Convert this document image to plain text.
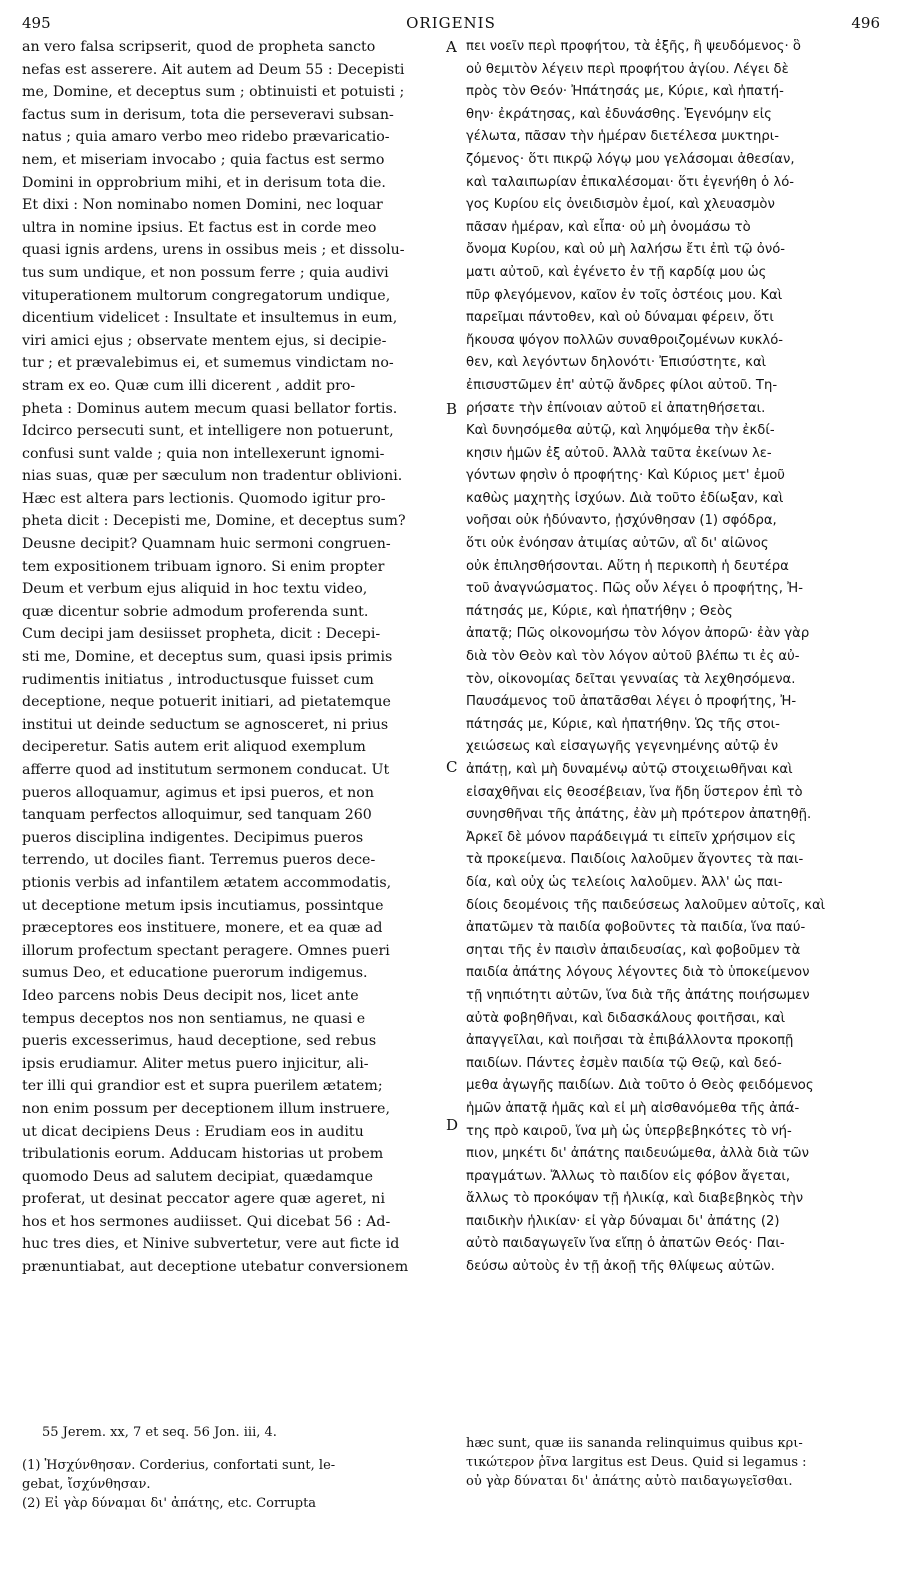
495	ORIGENIS	496
an vero falsa scripserit, quod de propheta sancto
nefas est asserere. Ait autem ad Deum 55 : Decepisti
me, Domine, et deceptus sum ; obtinuisti et potuisti ;
factus sum in derisum, tota die perseveravi subsan-
natus ; quia amaro verbo meo ridebo prævaricatio-
nem, et miseriam invocabo ; quia factus est sermo
Domini in opprobrium mihi, et in derisum tota die.
Et dixi : Non nominabo nomen Domini, nec loquar
ultra in nomine ipsius. Et factus est in corde meo
quasi ignis ardens, urens in ossibus meis ; et dissolu-
tus sum undique, et non possum ferre ; quia audivi
vituperationem multorum congregatorum undique,
dicentium videlicet : Insultate et insultemus in eum,
viri amici ejus ; observate mentem ejus, si decipie-
tur ; et prævalebimus ei, et sumemus vindictam no-
stram ex eo. Quæ cum illi dicerent , addit pro-
pheta : Dominus autem mecum quasi bellator fortis.
Idcirco persecuti sunt, et intelligere non potuerunt,
confusi sunt valde ; quia non intellexerunt ignomi-
nias suas, quæ per sæculum non tradentur oblivioni.
Hæc est altera pars lectionis. Quomodo igitur pro-
pheta dicit : Decepisti me, Domine, et deceptus sum?
Deusne decipit? Quamnam huic sermoni congruen-
tem expositionem tribuam ignoro. Si enim propter
Deum et verbum ejus aliquid in hoc textu video,
quæ dicentur sobrie admodum proferenda sunt.
Cum decipi jam desiisset propheta, dicit : Decepi-
sti me, Domine, et deceptus sum, quasi ipsis primis
rudimentis initiatus , introductusque fuisset cum
deceptione, neque potuerit initiari, ad pietatemque
institui ut deinde seductum se agnosceret, ni prius
deciperetur. Satis autem erit aliquod exemplum
afferre quod ad institutum sermonem conducat. Ut
pueros alloquamur, agimus et ipsi pueros, et non
tanquam perfectos alloquimur, sed tanquam 260
pueros disciplina indigentes. Decipimus pueros
terrendo, ut dociles fiant. Terremus pueros dece-
ptionis verbis ad infantilem ætatem accommodatis,
ut deceptione metum ipsis incutiamus, possintque
præceptores eos instituere, monere, et ea quæ ad
illorum profectum spectant peragere. Omnes pueri
sumus Deo, et educatione puerorum indigemus.
Ideo parcens nobis Deus decipit nos, licet ante
tempus deceptos nos non sentiamus, ne quasi e
pueris excesserimus, haud deceptione, sed rebus
ipsis erudiamur. Aliter metus puero injicitur, ali-
ter illi qui grandior est et supra puerilem ætatem;
non enim possum per deceptionem illum instruere,
ut dicat decipiens Deus : Erudiam eos in auditu
tribulationis eorum. Adducam historias ut probem
quomodo Deus ad salutem decipiat, quædamque
proferat, ut desinat peccator agere quæ ageret, ni
hos et hos sermones audiisset. Qui dicebat 56 : Ad-
huc tres dies, et Ninive subvertetur, vere aut ficte id
prænuntiabat, aut deceptione utebatur conversionem
πει νοεῖν περὶ προφήτου, τὰ ἑξῆς, ἢ ψευδόμενος· ὃ
οὐ θεμιτὸν λέγειν περὶ προφήτου ἁγίου. Λέγει δὲ
πρὸς τὸν Θεόν· Ἠπάτησάς με, Κύριε, καὶ ἠπατή-
θην· ἐκράτησας, καὶ ἐδυνάσθης. Ἐγενόμην εἰς
γέλωτα, πᾶσαν τὴν ἡμέραν διετέλεσα μυκτηρι-
ζόμενος· ὅτι πικρῷ λόγῳ μου γελάσομαι ἀθεσίαν,
καὶ ταλαιπωρίαν ἐπικαλέσομαι· ὅτι ἐγενήθη ὁ λό-
γος Κυρίου εἰς ὀνειδισμὸν ἐμοί, καὶ χλευασμὸν
πᾶσαν ἡμέραν, καὶ εἶπα· οὐ μὴ ὀνομάσω τὸ
ὄνομα Κυρίου, καὶ οὐ μὴ λαλήσω ἔτι ἐπὶ τῷ ὀνό-
ματι αὐτοῦ, καὶ ἐγένετο ἐν τῇ καρδίᾳ μου ὡς
πῦρ φλεγόμενον, καῖον ἐν τοῖς ὀστέοις μου. Καὶ
παρεῖμαι πάντοθεν, καὶ οὐ δύναμαι φέρειν, ὅτι
ἤκουσα ψόγον πολλῶν συναθροιζομένων κυκλό-
θεν, καὶ λεγόντων δηλονότι· Ἐπισύστητε, καὶ
ἐπισυστῶμεν ἐπ' αὐτῷ ἄνδρες φίλοι αὐτοῦ. Τη-
ρήσατε τὴν ἐπίνοιαν αὐτοῦ εἰ ἀπατηθήσεται.
Καὶ δυνησόμεθα αὐτῷ, καὶ ληψόμεθα τὴν ἐκδί-
κησιν ἡμῶν ἐξ αὐτοῦ. Ἀλλὰ ταῦτα ἐκείνων λε-
γόντων φησὶν ὁ προφήτης· Καὶ Κύριος μετ' ἐμοῦ
καθὼς μαχητὴς ἰσχύων. Διὰ τοῦτο ἐδίωξαν, καὶ
νοῆσαι οὐκ ἠδύναντο, ᾐσχύνθησαν (1) σφόδρα,
ὅτι οὐκ ἐνόησαν ἀτιμίας αὐτῶν, αἳ δι' αἰῶνος
οὐκ ἐπιλησθήσονται. Αὕτη ἡ περικοπὴ ἡ δευτέρα
τοῦ ἀναγνώσματος. Πῶς οὖν λέγει ὁ προφήτης, Ἠ-
πάτησάς με, Κύριε, καὶ ἠπατήθην ; Θεὸς
ἀπατᾷ; Πῶς οἰκονομήσω τὸν λόγον ἀπορῶ· ἐὰν γὰρ
διὰ τὸν Θεὸν καὶ τὸν λόγον αὐτοῦ βλέπω τι ἐς αὐ-
τὸν, οἰκονομίας δεῖται γενναίας τὰ λεχθησόμενα.
Παυσάμενος τοῦ ἀπατᾶσθαι λέγει ὁ προφήτης, Ἠ-
πάτησάς με, Κύριε, καὶ ἠπατήθην. Ὡς τῆς στοι-
χειώσεως καὶ εἰσαγωγῆς γεγενημένης αὐτῷ ἐν
ἀπάτῃ, καὶ μὴ δυναμένῳ αὐτῷ στοιχειωθῆναι καὶ
εἰσαχθῆναι εἰς θεοσέβειαν, ἵνα ἤδη ὕστερον ἐπὶ τὸ
συνησθῆναι τῆς ἀπάτης, ἐὰν μὴ πρότερον ἀπατηθῇ.
Ἀρκεῖ δὲ μόνον παράδειγμά τι εἰπεῖν χρήσιμον εἰς
τὰ προκείμενα. Παιδίοις λαλοῦμεν ἄγοντες τὰ παι-
δία, καὶ οὐχ ὡς τελείοις λαλοῦμεν. Ἀλλ' ὡς παι-
δίοις δεομένοις τῆς παιδεύσεως λαλοῦμεν αὐτοῖς, καὶ
ἀπατῶμεν τὰ παιδία φοβοῦντες τὰ παιδία, ἵνα παύ-
σηται τῆς ἐν παισὶν ἀπαιδευσίας, καὶ φοβοῦμεν τὰ
παιδία ἀπάτης λόγους λέγοντες διὰ τὸ ὑποκείμενον
τῇ νηπιότητι αὐτῶν, ἵνα διὰ τῆς ἀπάτης ποιήσωμεν
αὐτὰ φοβηθῆναι, καὶ διδασκάλους φοιτῆσαι, καὶ
ἀπαγγεῖλαι, καὶ ποιῆσαι τὰ ἐπιβάλλοντα προκοπῇ
παιδίων. Πάντες ἐσμὲν παιδία τῷ Θεῷ, καὶ δεό-
μεθα ἀγωγῆς παιδίων. Διὰ τοῦτο ὁ Θεὸς φειδόμενος
ἡμῶν ἀπατᾷ ἡμᾶς καὶ εἰ μὴ αἰσθανόμεθα τῆς ἀπά-
της πρὸ καιροῦ, ἵνα μὴ ὡς ὑπερβεβηκότες τὸ νή-
πιον, μηκέτι δι' ἀπάτης παιδευώμεθα, ἀλλὰ διὰ τῶν
πραγμάτων. Ἄλλως τὸ παιδίον εἰς φόβον ἄγεται,
ἄλλως τὸ προκόψαν τῇ ἡλικίᾳ, καὶ διαβεβηκὸς τὴν
παιδικὴν ἡλικίαν· εἰ γὰρ δύναμαι δι' ἀπάτης (2)
αὐτὸ παιδαγωγεῖν ἵνα εἴπῃ ὁ ἀπατῶν Θεός· Παι-
δεύσω αὐτοὺς ἐν τῇ ἀκοῇ τῆς θλίψεως αὐτῶν.
A
B
C
D

55 Jerem. xx, 7 et seq. 56 Jon. iii, 4.

(1) Ἠσχύνθησαν. Corderius, confortati sunt, le-

gebat, ἴσχύνθησαν.

(2) Εἰ γὰρ δύναμαι δι' ἀπάτης, etc. Corrupta

hæc sunt, quæ iis sananda relinquimus quibus κρι-

τικώτερον ῥῖνα largitus est Deus. Quid si legamus :

οὐ γὰρ δύναται δι' ἀπάτης αὐτὸ παιδαγωγεῖσθαι.
